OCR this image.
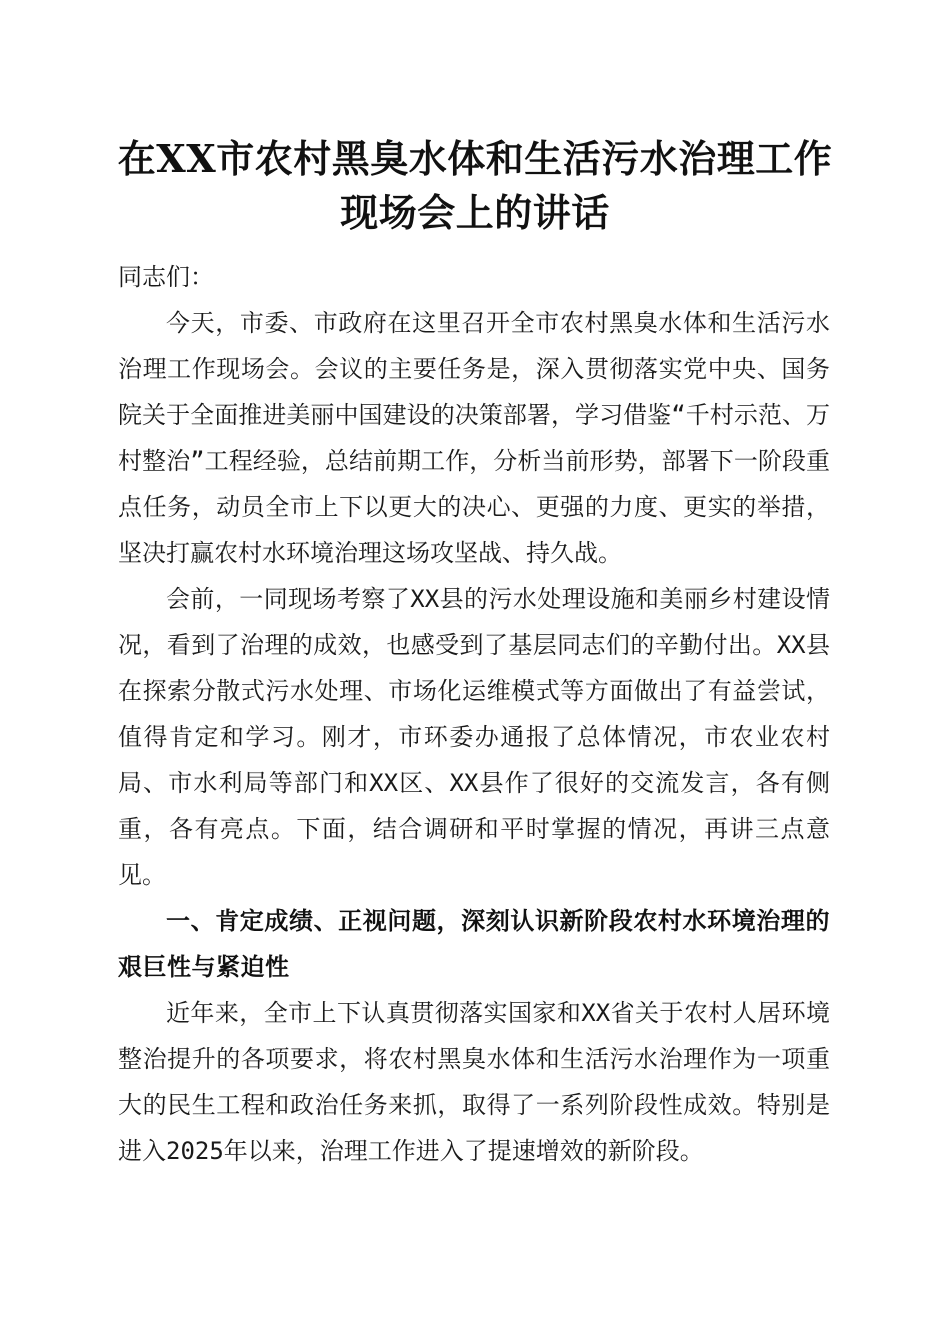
在XX市农村黑臭水体和生活污水治理工作现场会上的讲话

同志们：

今天，市委、市政府在这里召开全市农村黑臭水体和生活污水治理工作现场会。会议的主要任务是，深入贯彻落实党中央、国务院关于全面推进美丽中国建设的决策部署，学习借鉴“千村示范、万村整治”工程经验，总结前期工作，分析当前形势，部署下一阶段重点任务，动员全市上下以更大的决心、更强的力度、更实的举措，坚决打赢农村水环境治理这场攻坚战、持久战。

会前，一同现场考察了XX县的污水处理设施和美丽乡村建设情况，看到了治理的成效，也感受到了基层同志们的辛勤付出。XX县在探索分散式污水处理、市场化运维模式等方面做出了有益尝试，值得肯定和学习。刚才，市环委办通报了总体情况，市农业农村局、市水利局等部门和XX区、XX县作了很好的交流发言，各有侧重，各有亮点。下面，结合调研和平时掌握的情况，再讲三点意见。

一、肯定成绩、正视问题，深刻认识新阶段农村水环境治理的艰巨性与紧迫性

近年来，全市上下认真贯彻落实国家和XX省关于农村人居环境整治提升的各项要求，将农村黑臭水体和生活污水治理作为一项重大的民生工程和政治任务来抓，取得了一系列阶段性成效。特别是进入2025年以来，治理工作进入了提速增效的新阶段。
